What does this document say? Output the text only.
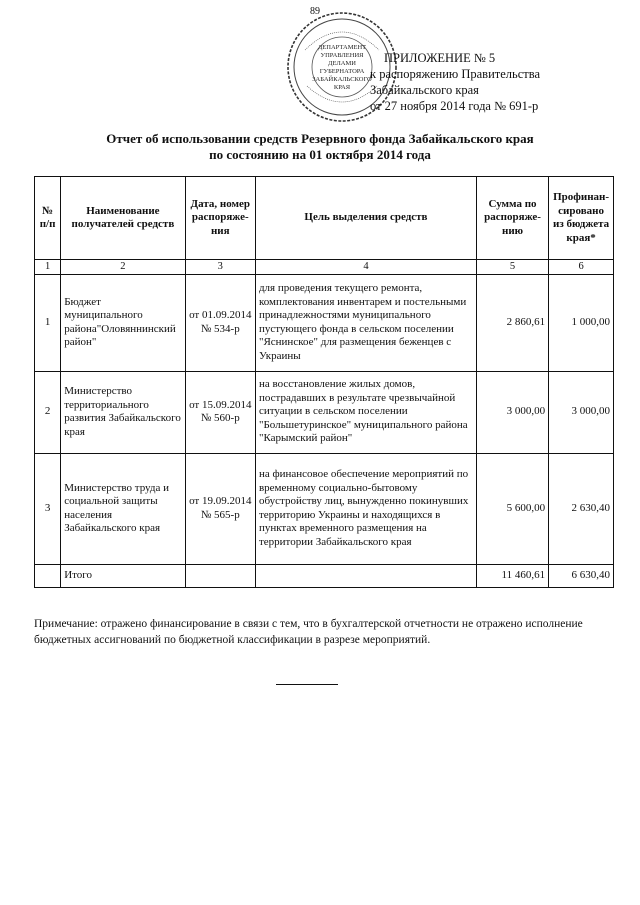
89
ДЕПАРТАМЕНТ
УПРАВЛЕНИЯ
ДЕЛАМИ
ГУБЕРНАТОРА
ЗАБАЙКАЛЬСКОГО
КРАЯ
ПРИЛОЖЕНИЕ № 5
к распоряжению Правительства
Забайкальского края
от 27 ноября 2014 года № 691-р
Отчет об использовании средств Резервного фонда Забайкальского края
по состоянию на 01 октября 2014 года
№ п/п	Наименование получателей средств	Дата, номер распоряже-ния	Цель выделения средств	Сумма по распоряже-нию	Профинан-сировано из бюджета края*
1	2	3	4	5	6
1	Бюджет муниципального района"Оловяннинский район"	от 01.09.2014 № 534-р	для проведения текущего ремонта, комплектования инвентарем и постельными принадлежностями муниципального пустующего фонда в сельском поселении "Яснинское" для размещения беженцев с Украины	2 860,61	1 000,00
2	Министерство территориального развития Забайкальского края	от 15.09.2014 № 560-р	на восстановление жилых домов, пострадавших в результате чрезвычайной ситуации в сельском поселении "Большетуринское" муниципального района "Карымский район"	3 000,00	3 000,00
3	Министерство труда и социальной защиты населения Забайкальского края	от 19.09.2014 № 565-р	на финансовое обеспечение мероприятий по временному социально-бытовому обустройству лиц, вынужденно покинувших территорию Украины и находящихся в пунктах временного размещения на территории Забайкальского края	5 600,00	2 630,40
	Итого			11 460,61	6 630,40
Примечание: отражено финансирование в связи с тем, что в бухгалтерской отчетности не отражено исполнение бюджетных ассигнований по бюджетной классификации в разрезе мероприятий.
